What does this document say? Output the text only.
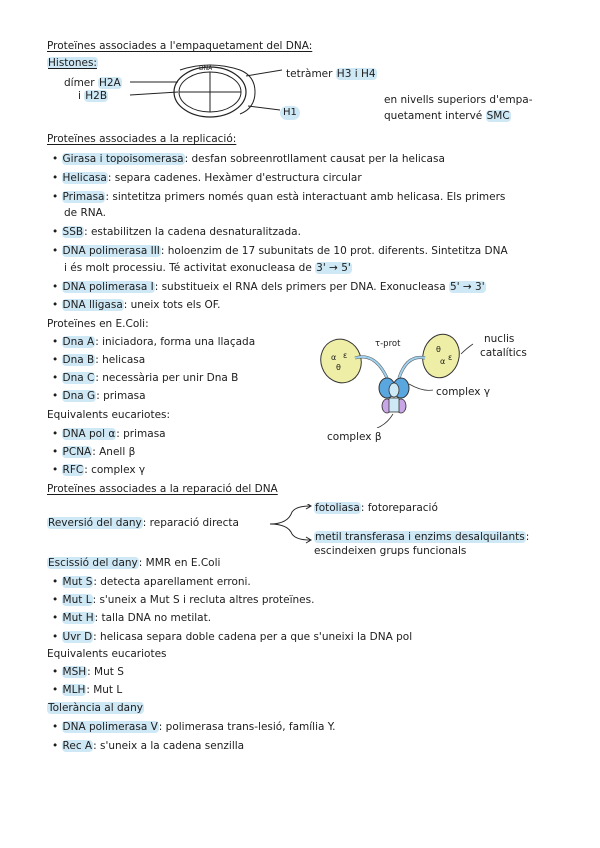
Proteïnes associades a l'empaquetament del DNA:
Histones:
dímer H2A
i H2B
DNA	tetràmer H3 i H4
H1
en nivells superiors d'empa-
quetament intervé SMC
Proteïnes associades a la replicació:
• Girasa i topoisomerasa: desfan sobreenrotllament causat per la helicasa
• Helicasa: separa cadenes. Hexàmer d'estructura circular
• Primasa: sintetitza primers només quan està interactuant amb helicasa. Els primers
de RNA.
• SSB: estabilitzen la cadena desnaturalitzada.
• DNA polimerasa III: holoenzim de 17 subunitats de 10 prot. diferents. Sintetitza DNA
i és molt processiu. Té activitat exonucleasa de 3' → 5'
• DNA polimerasa I: substitueix el RNA dels primers per DNA. Exonucleasa 5' → 3'
• DNA lligasa: uneix tots els OF.
Proteïnes en E.Coli:
• Dna A: iniciadora, forma una llaçada
• Dna B: helicasa
• Dna C: necessària per unir Dna B
• Dna G: primasa
Equivalents eucariotes:
• DNA pol α: primasa
• PCNA: Anell β
• RFC: complex γ
α ε
θ
θ
ε
α
τ-prot	nuclis
catalítics
complex γ
complex β
Proteïnes associades a la reparació del DNA
Reversió del dany: reparació directa
fotoliasa: fotoreparació
metil transferasa i enzims desalquilants:
escindeixen grups funcionals
Escissió del dany: MMR en E.Coli
• Mut S: detecta aparellament erroni.
• Mut L: s'uneix a Mut S i recluta altres proteïnes.
• Mut H: talla DNA no metilat.
• Uvr D: helicasa separa doble cadena per a que s'uneixi la DNA pol
Equivalents eucariotes
• MSH: Mut S
• MLH: Mut L
Tolerància al dany
• DNA polimerasa V: polimerasa trans-lesió, família Y.
• Rec A: s'uneix a la cadena senzilla
